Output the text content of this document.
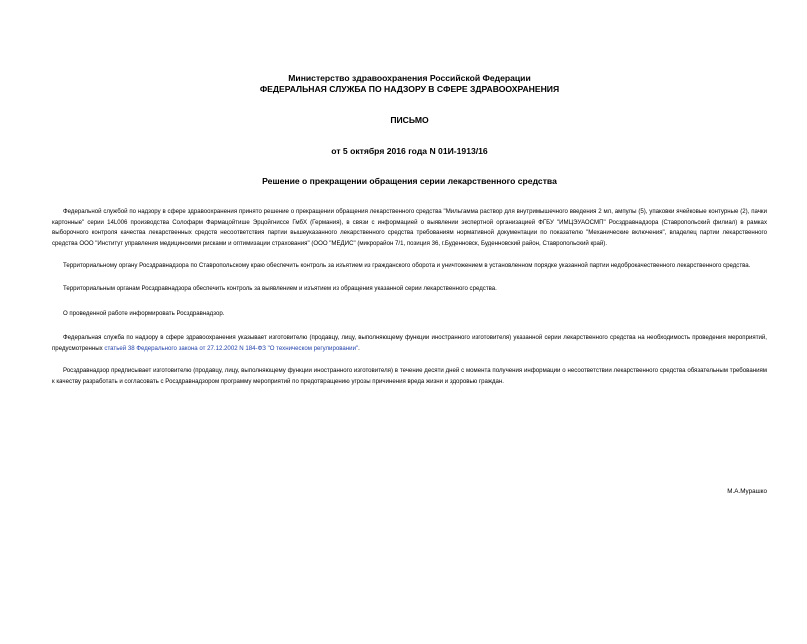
Министерство здравоохранения Российской Федерации
ФЕДЕРАЛЬНАЯ СЛУЖБА ПО НАДЗОРУ В СФЕРЕ ЗДРАВООХРАНЕНИЯ
ПИСЬМО
от 5 октября 2016 года N 01И-1913/16
Решение о прекращении обращения серии лекарственного средства

Федеральной службой по надзору в сфере здравоохранения принято решение о прекращении обращения лекарственного средства "Мильгамма раствор для внутримышечного введения 2 мл, ампулы (5), упаковки ячейковые контурные (2), пачки картонные" серии 14L006 производства Солофарм Фармацойтише Эрцойгниссе ГмбХ (Германия), в связи с информацией о выявлении экспертной организацией ФГБУ "ИМЦЭУАОСМП" Росздравнадзора (Ставропольский филиал) в рамках выборочного контроля качества лекарственных средств несоответствия партии вышеуказанного лекарственного средства требованиям нормативной документации по показателю "Механические включения", владелец партии лекарственного средства ООО "Институт управления медицинскими рисками и оптимизации страхования" (ООО "МЕДИС" (микрорайон 7/1, позиция 36, г.Буденновск, Буденновский район, Ставропольский край).

Территориальному органу Росздравнадзора по Ставропольскому краю обеспечить контроль за изъятием из гражданского оборота и уничтожением в установленном порядке указанной партии недоброкачественного лекарственного средства.

Территориальным органам Росздравнадзора обеспечить контроль за выявлением и изъятием из обращения указанной серии лекарственного средства.

О проведенной работе информировать Росздравнадзор.

Федеральная служба по надзору в сфере здравоохранения указывает изготовителю (продавцу, лицу, выполняющему функции иностранного изготовителя) указанной серии лекарственного средства на необходимость проведения мероприятий, предусмотренных статьей 38 Федерального закона от 27.12.2002 N 184-ФЗ "О техническом регулировании".

Росздравнадзор предписывает изготовителю (продавцу, лицу, выполняющему функции иностранного изготовителя) в течение десяти дней с момента получения информации о несоответствии лекарственного средства обязательным требованиям к качеству разработать и согласовать с Росздравнадзором программу мероприятий по предотвращению угрозы причинения вреда жизни и здоровью граждан.

М.А.Мурашко
